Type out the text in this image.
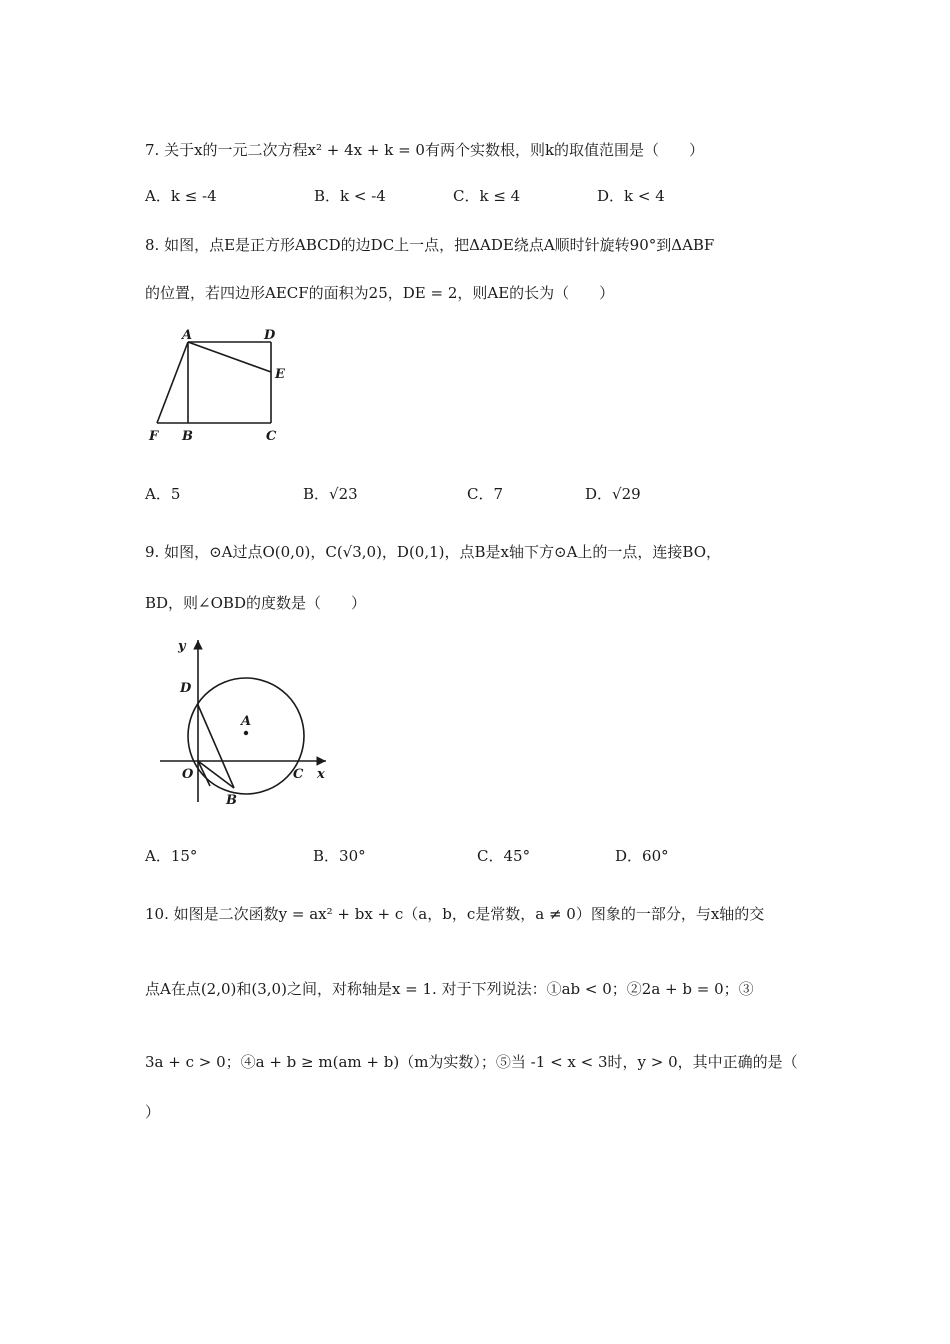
7. 关于x的一元二次方程x² + 4x + k = 0有两个实数根，则k的取值范围是（　　）
A．k ≤ -4	B．k < -4	C．k ≤ 4	D．k < 4
8. 如图，点E是正方形ABCD的边DC上一点，把ΔADE绕点A顺时针旋转90°到ΔABF
的位置，若四边形AECF的面积为25，DE = 2，则AE的长为（　　）
A	D
E
F B	C
A．5	B．√23	C．7	D．√29
9. 如图，⊙A过点O(0,0)，C(√3,0)，D(0,1)，点B是x轴下方⊙A上的一点，连接BO，
BD，则∠OBD的度数是（　　）
y
D
A
O	C x
B
A．15°	B．30°	C．45°	D．60°
10. 如图是二次函数y = ax² + bx + c（a，b，c是常数，a ≠ 0）图象的一部分，与x轴的交
点A在点(2,0)和(3,0)之间，对称轴是x = 1. 对于下列说法：①ab < 0；②2a + b = 0；③
3a + c > 0；④a + b ≥ m(am + b)（m为实数）；⑤当 -1 < x < 3时，y > 0，其中正确的是（
）
